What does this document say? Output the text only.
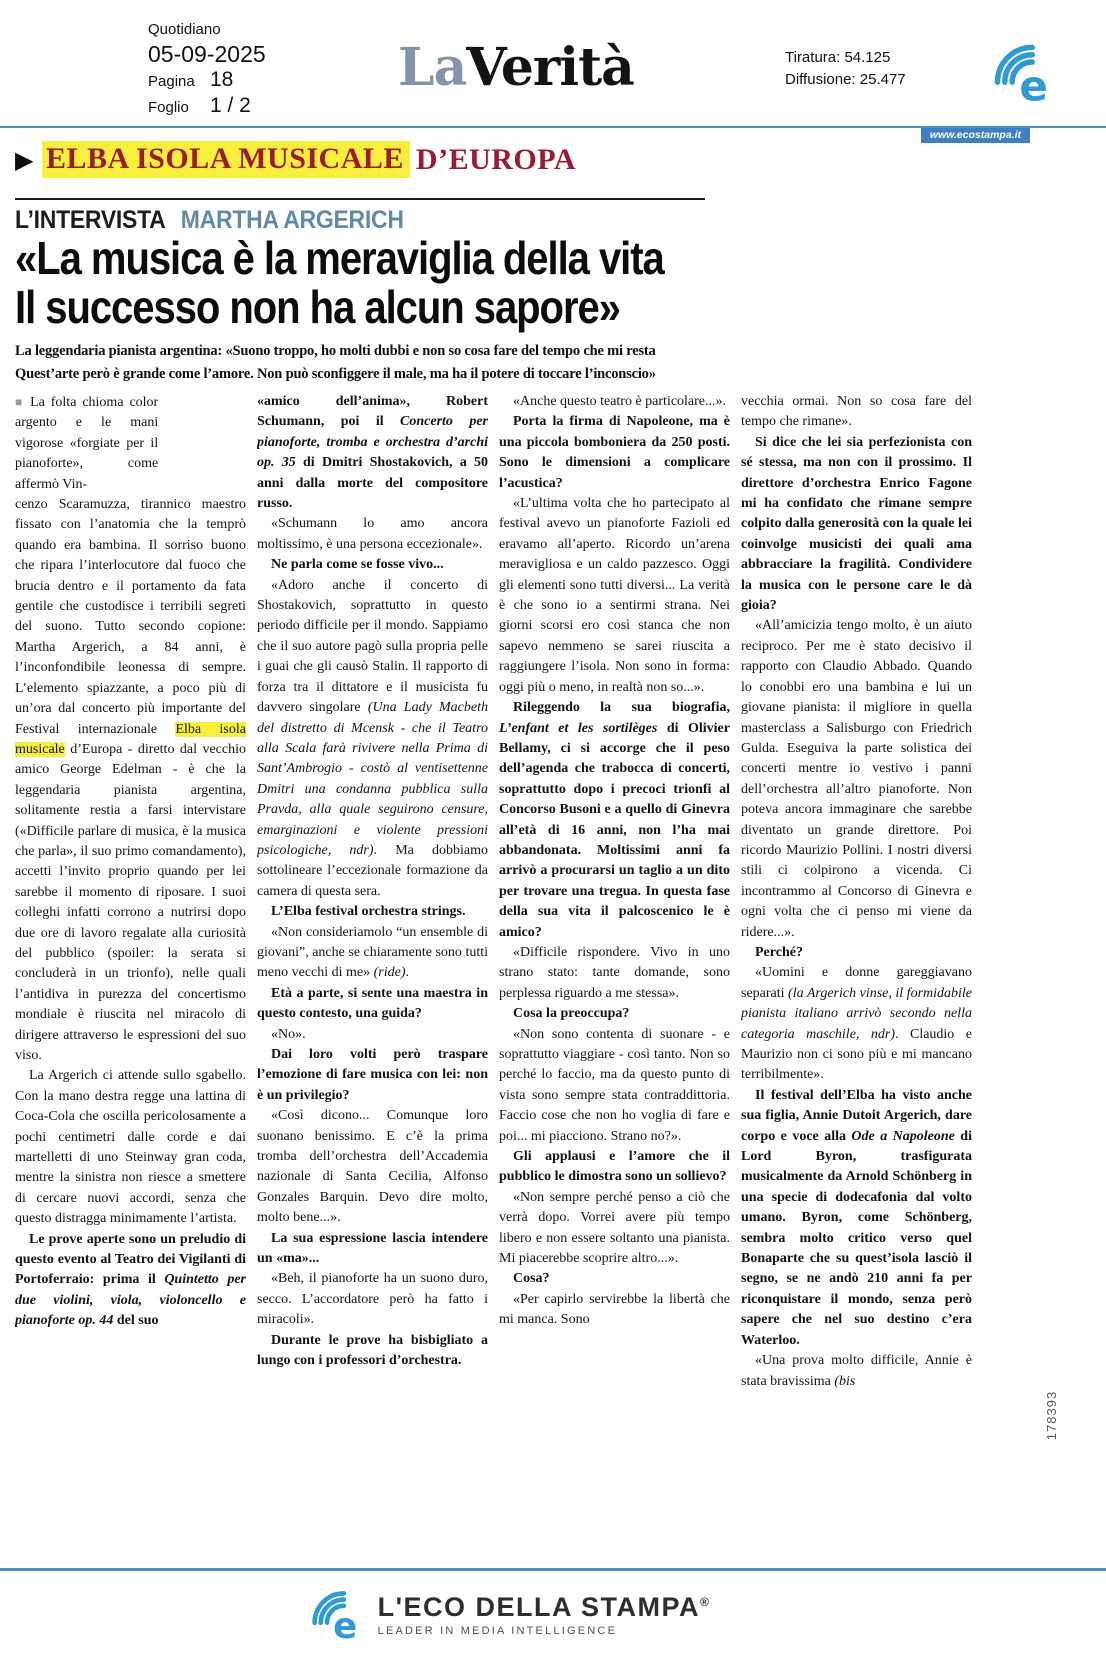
Quotidiano
05-09-2025
Pagina 18
Foglio	1 / 2
LaVerità	Tiratura: 54.125
Diffusione: 25.477 e
www.ecostampa.it
▶ ELBA ISOLA MUSICALE D’EUROPA
L’INTERVISTA MARTHA ARGERICH
«La musica è la meraviglia della vita
Il successo non ha alcun sapore»
La leggendaria pianista argentina: «Suono troppo, ho molti dubbi e non so cosa fare del tempo che mi resta
Quest’arte però è grande come l’amore. Non può sconfiggere il male, ma ha il potere di toccare l’inconscio»

■ La folta chioma color argento e le mani vigorose «forgiate per il pianoforte», come affermò Vin-

cenzo Scaramuzza, tirannico maestro fissato con l’anatomia che la temprò quando era bambina. Il sorriso buono che ripara l’interlocutore dal fuoco che brucia dentro e il portamento da fata gentile che custodisce i terribili segreti del suono. Tutto secondo copione: Martha Argerich, a 84 anni, è l’inconfondibile leonessa di sempre. L’elemento spiazzante, a poco più di un’ora dal concerto più importante del Festival internazionale Elba isola musicale d’Europa - diretto dal vecchio amico George Edelman - è che la leggendaria pianista argentina, solitamente restia a farsi intervistare («Difficile parlare di musica, è la musica che parla», il suo primo comandamento), accetti l’invito proprio quando per lei sarebbe il momento di riposare. I suoi colleghi infatti corrono a nutrirsi dopo due ore di lavoro regalate alla curiosità del pubblico (spoiler: la serata si concluderà in un trionfo), nelle quali l’antidiva in purezza del concertismo mondiale è riuscita nel miracolo di dirigere attraverso le espressioni del suo viso.

La Argerich ci attende sullo sgabello. Con la mano destra regge una lattina di Coca-Cola che oscilla pericolosamente a pochi centimetri dalle corde e dai martelletti di uno Steinway gran coda, mentre la sinistra non riesce a smettere di cercare nuovi accordi, senza che questo distragga minimamente l’artista.

Le prove aperte sono un preludio di questo evento al Teatro dei Vigilanti di Portoferraio: prima il Quintetto per due violini, viola, violoncello e pianoforte op. 44 del suo

«amico dell’anima», Robert Schumann, poi il Concerto per pianoforte, tromba e orchestra d’archi op. 35 di Dmitri Shostakovich, a 50 anni dalla morte del compositore russo.

«Schumann lo amo ancora moltissimo, è una persona eccezionale».

Ne parla come se fosse vivo...

«Adoro anche il concerto di Shostakovich, soprattutto in questo periodo difficile per il mondo. Sappiamo che il suo autore pagò sulla propria pelle i guai che gli causò Stalin. Il rapporto di forza tra il dittatore e il musicista fu davvero singolare (Una Lady Macbeth del distretto di Mcensk - che il Teatro alla Scala farà rivivere nella Prima di Sant’Ambrogio - costò al ventisettenne Dmitri una condanna pubblica sulla Pravda, alla quale seguirono censure, emarginazioni e violente pressioni psicologiche, ndr). Ma dobbiamo sottolineare l’eccezionale formazione da camera di questa sera.

L’Elba festival orchestra strings.

«Non consideriamolo “un ensemble di giovani”, anche se chiaramente sono tutti meno vecchi di me» (ride).

Età a parte, si sente una maestra in questo contesto, una guida?

«No».

Dai loro volti però traspare l’emozione di fare musica con lei: non è un privilegio?

«Così dicono... Comunque loro suonano benissimo. E c’è la prima tromba dell’orchestra dell’Accademia nazionale di Santa Cecilia, Alfonso Gonzales Barquin. Devo dire molto, molto bene...».

La sua espressione lascia intendere un «ma»...

«Beh, il pianoforte ha un suono duro, secco. L’accordatore però ha fatto i miracoli».

Durante le prove ha bisbigliato a lungo con i professori d’orchestra.

«Anche questo teatro è particolare...».

Porta la firma di Napoleone, ma è una piccola bomboniera da 250 posti. Sono le dimensioni a complicare l’acustica?

«L’ultima volta che ho partecipato al festival avevo un pianoforte Fazioli ed eravamo all’aperto. Ricordo un’arena meravigliosa e un caldo pazzesco. Oggi gli elementi sono tutti diversi... La verità è che sono io a sentirmi strana. Nei giorni scorsi ero così stanca che non sapevo nemmeno se sarei riuscita a raggiungere l’isola. Non sono in forma: oggi più o meno, in realtà non so...».

Rileggendo la sua biografia, L’enfant et les sortilèges di Olivier Bellamy, ci si accorge che il peso dell’agenda che trabocca di concerti, soprattutto dopo i precoci trionfi al Concorso Busoni e a quello di Ginevra all’età di 16 anni, non l’ha mai abbandonata. Moltissimi anni fa arrivò a procurarsi un taglio a un dito per trovare una tregua. In questa fase della sua vita il palcoscenico le è amico?

«Difficile rispondere. Vivo in uno strano stato: tante domande, sono perplessa riguardo a me stessa».

Cosa la preoccupa?

«Non sono contenta di suonare - e soprattutto viaggiare - così tanto. Non so perché lo faccio, ma da questo punto di vista sono sempre stata contraddittoria. Faccio cose che non ho voglia di fare e poi... mi piacciono. Strano no?».

Gli applausi e l’amore che il pubblico le dimostra sono un sollievo?

«Non sempre perché penso a ciò che verrà dopo. Vorrei avere più tempo libero e non essere soltanto una pianista. Mi piacerebbe scoprire altro...».

Cosa?

«Per capirlo servirebbe la libertà che mi manca. Sono

vecchia ormai. Non so cosa fare del tempo che rimane».

Si dice che lei sia perfezionista con sé stessa, ma non con il prossimo. Il direttore d’orchestra Enrico Fagone mi ha confidato che rimane sempre colpito dalla generosità con la quale lei coinvolge musicisti dei quali ama abbracciare la fragilità. Condividere la musica con le persone care le dà gioia?

«All’amicizia tengo molto, è un aiuto reciproco. Per me è stato decisivo il rapporto con Claudio Abbado. Quando lo conobbi ero una bambina e lui un giovane pianista: il migliore in quella masterclass a Salisburgo con Friedrich Gulda. Eseguiva la parte solistica dei concerti mentre io vestivo i panni dell’orchestra all’altro pianoforte. Non poteva ancora immaginare che sarebbe diventato un grande direttore. Poi ricordo Maurizio Pollini. I nostri diversi stili ci colpirono a vicenda. Ci incontrammo al Concorso di Ginevra e ogni volta che ci penso mi viene da ridere...».

Perché?

«Uomini e donne gareggiavano separati (la Argerich vinse, il formidabile pianista italiano arrivò secondo nella categoria maschile, ndr). Claudio e Maurizio non ci sono più e mi mancano terribilmente».

Il festival dell’Elba ha visto anche sua figlia, Annie Dutoit Argerich, dare corpo e voce alla Ode a Napoleone di Lord Byron, trasfigurata musicalmente da Arnold Schönberg in una specie di dodecafonia dal volto umano. Byron, come Schönberg, sembra molto critico verso quel Bonaparte che su quest’isola lasciò il segno, se ne andò 210 anni fa per riconquistare il mondo, senza però sapere che nel suo destino c’era Waterloo.

«Una prova molto difficile, Annie è stata bravissima (bis

e L'ECO DELLA STAMPA®
LEADER IN MEDIA INTELLIGENCE
178393
